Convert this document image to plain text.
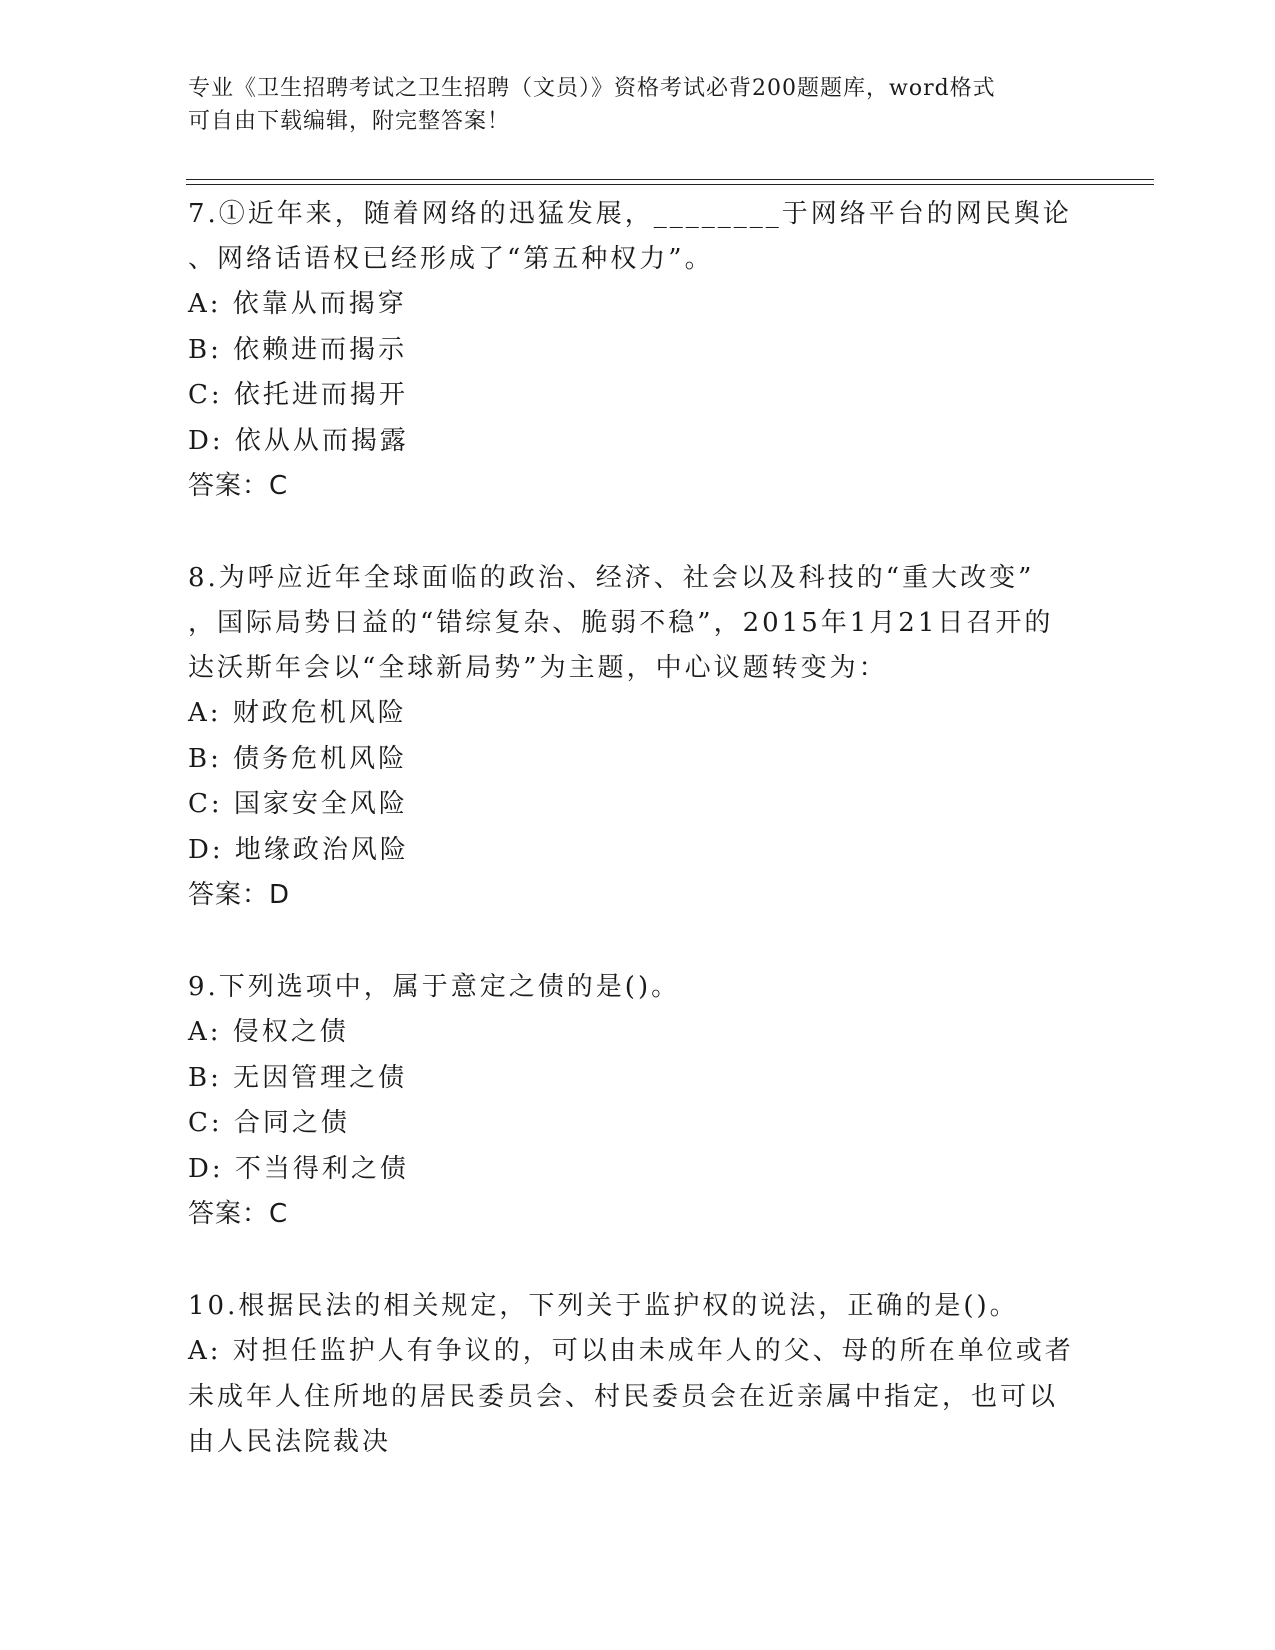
专业《卫生招聘考试之卫生招聘（文员）》资格考试必背200题题库，word格式
可自由下载编辑，附完整答案！
7.①近年来，随着网络的迅猛发展，________于网络平台的网民舆论
、网络话语权已经形成了“第五种权力”。
A: 依靠从而揭穿
B: 依赖进而揭示
C: 依托进而揭开
D: 依从从而揭露
答案：C
8.为呼应近年全球面临的政治、经济、社会以及科技的“重大改变”
，国际局势日益的“错综复杂、脆弱不稳”，2015年1月21日召开的
达沃斯年会以“全球新局势”为主题，中心议题转变为：
A: 财政危机风险
B: 债务危机风险
C: 国家安全风险
D: 地缘政治风险
答案：D
9.下列选项中，属于意定之债的是()。
A: 侵权之债
B: 无因管理之债
C: 合同之债
D: 不当得利之债
答案：C
10.根据民法的相关规定，下列关于监护权的说法，正确的是()。
A: 对担任监护人有争议的，可以由未成年人的父、母的所在单位或者
未成年人住所地的居民委员会、村民委员会在近亲属中指定，也可以
由人民法院裁决
